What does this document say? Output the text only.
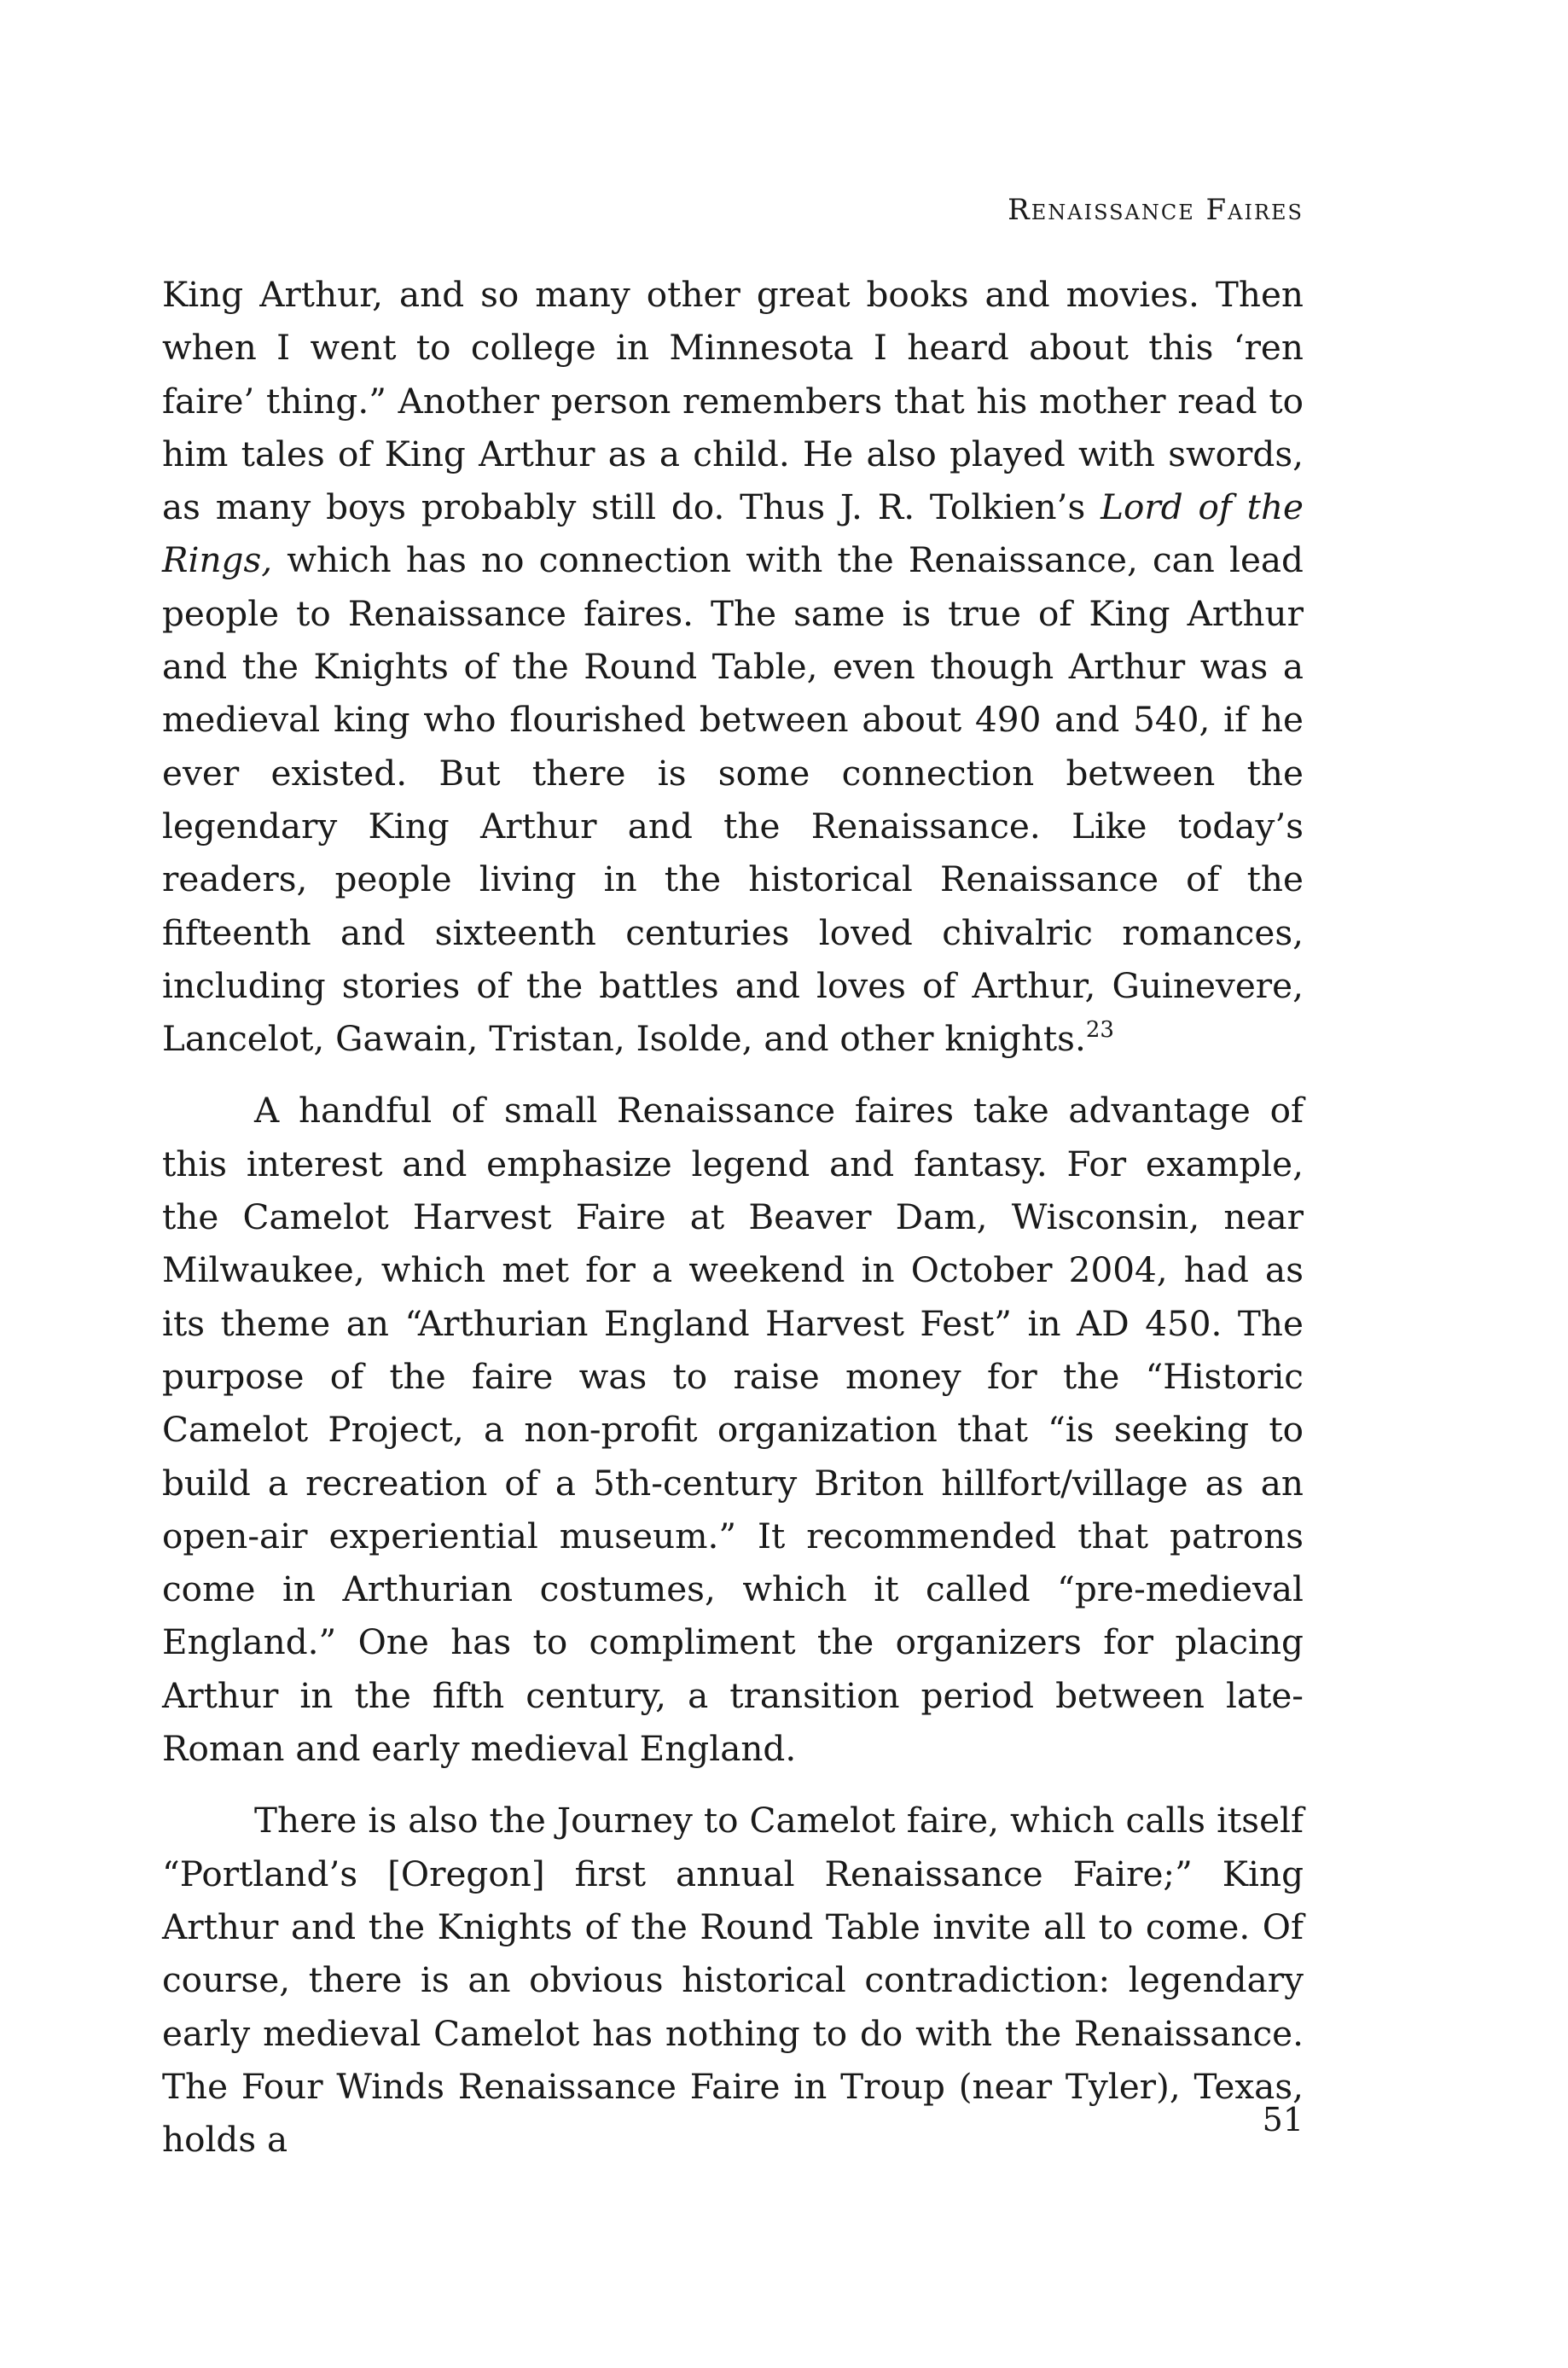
Renaissance Faires

King Arthur, and so many other great books and movies. Then when I went to college in Minnesota I heard about this ‘ren faire’ thing.” Another person remembers that his mother read to him tales of King Arthur as a child. He also played with swords, as many boys probably still do. Thus J. R. Tolkien’s Lord of the Rings, which has no connection with the Renaissance, can lead people to Renaissance faires. The same is true of King Arthur and the Knights of the Round Table, even though Arthur was a medieval king who flourished between about 490 and 540, if he ever existed. But there is some connection between the legendary King Arthur and the Renaissance. Like today’s readers, people living in the historical Renaissance of the fifteenth and sixteenth centuries loved chivalric romances, including stories of the battles and loves of Arthur, Guinevere, Lancelot, Gawain, Tristan, Isolde, and other knights.$^{23}$

A handful of small Renaissance faires take advantage of this interest and emphasize legend and fantasy. For example, the Camelot Harvest Faire at Beaver Dam, Wisconsin, near Milwaukee, which met for a weekend in October 2004, had as its theme an “Arthurian England Harvest Fest” in AD 450. The purpose of the faire was to raise money for the “Historic Camelot Project, a non-profit organization that “is seeking to build a recreation of a 5th-century Briton hillfort/village as an open-air experiential museum.” It recommended that patrons come in Arthurian costumes, which it called “pre-medieval England.” One has to compliment the organizers for placing Arthur in the fifth century, a transition period between late-Roman and early medieval England.

There is also the Journey to Camelot faire, which calls itself “Portland’s [Oregon] first annual Renaissance Faire;” King Arthur and the Knights of the Round Table invite all to come. Of course, there is an obvious historical contradiction: legendary early medieval Camelot has nothing to do with the Renaissance. The Four Winds Renaissance Faire in Troup (near Tyler), Texas, holds a	51
